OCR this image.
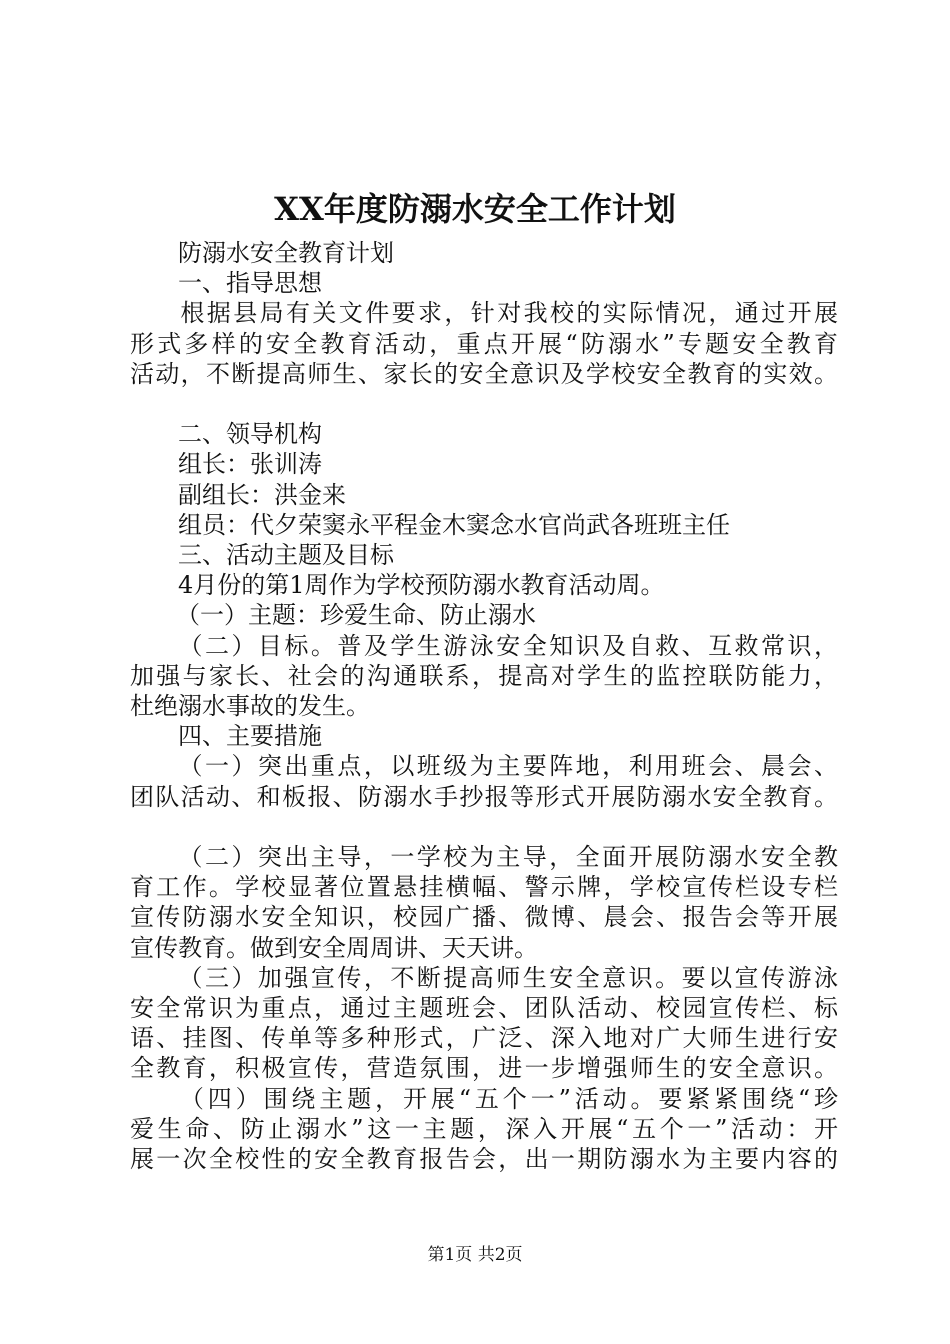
XX年度防溺水安全工作计划

防溺水安全教育计划

一、指导思想

根据县局有关文件要求，针对我校的实际情况，通过开展

形式多样的安全教育活动，重点开展“防溺水”专题安全教育

活动，不断提高师生、家长的安全意识及学校安全教育的实效。

二、领导机构

组长：张训涛

副组长：洪金来

组员：代夕荣窦永平程金木窦念水官尚武各班班主任

三、活动主题及目标

4月份的第1周作为学校预防溺水教育活动周。

（一）主题：珍爱生命、防止溺水

（二）目标。普及学生游泳安全知识及自救、互救常识，

加强与家长、社会的沟通联系，提高对学生的监控联防能力，

杜绝溺水事故的发生。

四、主要措施

（一）突出重点，以班级为主要阵地，利用班会、晨会、

团队活动、和板报、防溺水手抄报等形式开展防溺水安全教育。

（二）突出主导，一学校为主导，全面开展防溺水安全教

育工作。学校显著位置悬挂横幅、警示牌，学校宣传栏设专栏

宣传防溺水安全知识，校园广播、微博、晨会、报告会等开展

宣传教育。做到安全周周讲、天天讲。

（三）加强宣传，不断提高师生安全意识。要以宣传游泳

安全常识为重点，通过主题班会、团队活动、校园宣传栏、标

语、挂图、传单等多种形式，广泛、深入地对广大师生进行安

全教育，积极宣传，营造氛围，进一步增强师生的安全意识。

（四）围绕主题，开展“五个一”活动。要紧紧围绕“珍

爱生命、防止溺水”这一主题，深入开展“五个一”活动：开

展一次全校性的安全教育报告会，出一期防溺水为主要内容的

第1页 共2页
